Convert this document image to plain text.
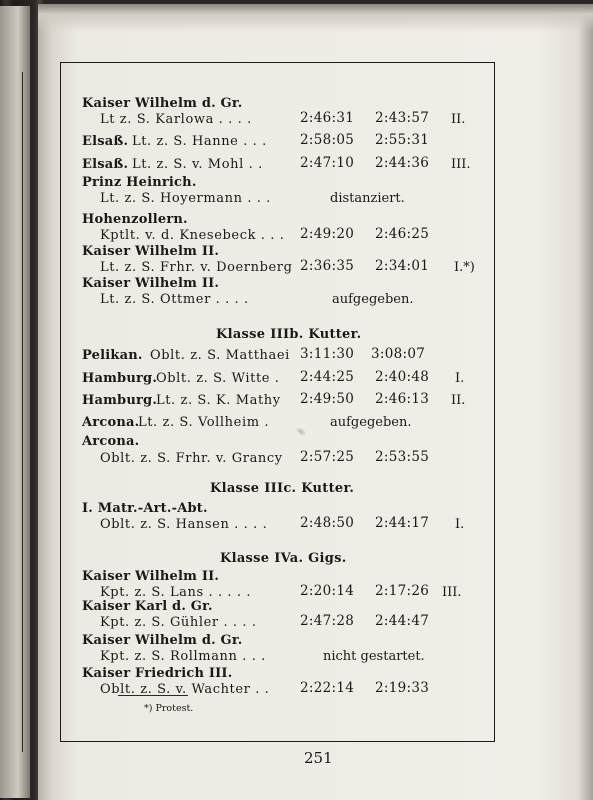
Kaiser Wilhelm d. Gr.
Lt z. S. Karlowa . . . .	2:46:31 2:43:57 II.
Elsaß. Lt. z. S. Hanne . . . 2:58:05 2:55:31
Elsaß. Lt. z. S. v. Mohl . .	2:47:10 2:44:36 III.
Prinz Heinrich.
Lt. z. S. Hoyermann . . .	distanziert.
Hohenzollern.
Kptlt. v. d. Knesebeck . . . 2:49:20 2:46:25
Kaiser Wilhelm II.
Lt. z. S. Frhr. v. Doernberg 2:36:35 2:34:01 I.*)
Kaiser Wilhelm II.
Lt. z. S. Ottmer . . . .	aufgegeben.
Klasse IIIb. Kutter.
Pelikan. Oblt. z. S. Matthaei 3:11:30 3:08:07
Hamburg.
Oblt. z. S. Witte . 2:44:25 2:40:48 I.
Hamburg.
Lt. z. S. K. Mathy 2:49:50 2:46:13 II.
Arcona.
Lt. z. S. Vollheim .	aufgegeben.
Arcona.
Oblt. z. S. Frhr. v. Grancy 2:57:25 2:53:55
Klasse IIIc. Kutter.
I. Matr.-Art.-Abt.
Oblt. z. S. Hansen . . . . 2:48:50 2:44:17 I.
Klasse IVa. Gigs.
Kaiser Wilhelm II.
Kpt. z. S. Lans . . . . .	2:20:14 2:17:26 III.
Kaiser Karl d. Gr.
Kpt. z. S. Gühler . . . .	2:47:28 2:44:47
Kaiser Wilhelm d. Gr.
Kpt. z. S. Rollmann . . .	nicht gestartet.
Kaiser Friedrich III.
Oblt. z. S. v. Wachter . . 2:22:14 2:19:33
*) Protest.
251
